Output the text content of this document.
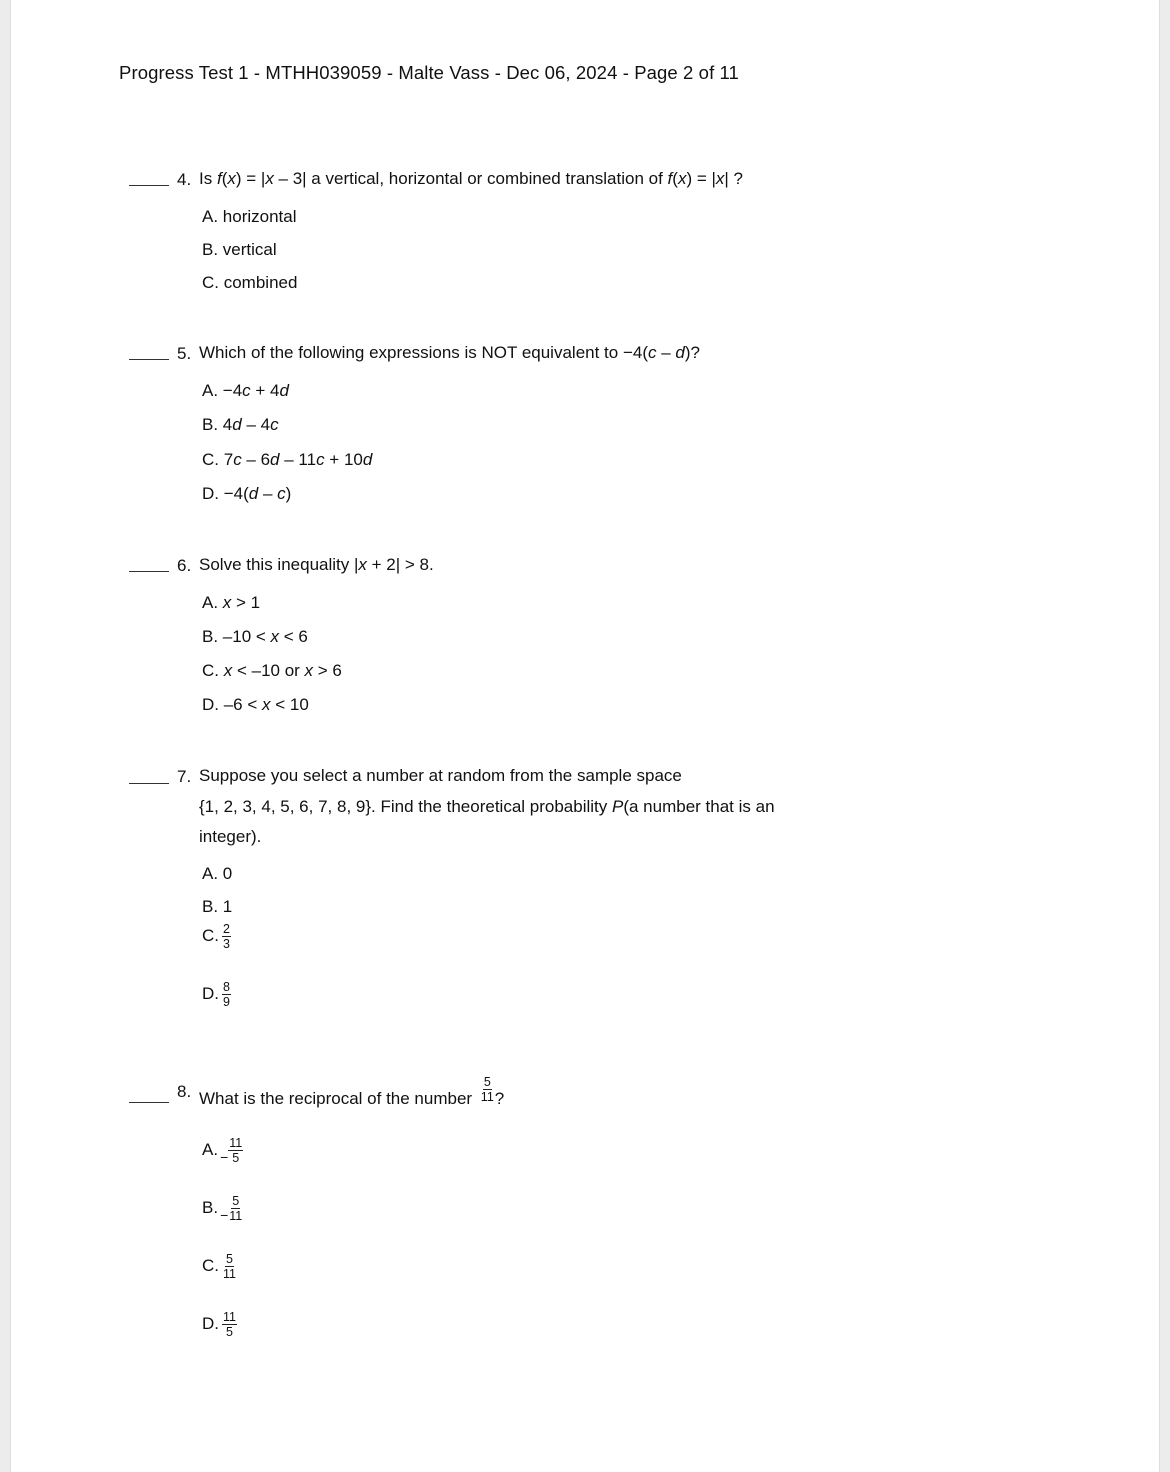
Progress Test 1 - MTHH039059 - Malte Vass - Dec 06, 2024 - Page 2 of 11
4. Is f(x) = |x – 3| a vertical, horizontal or combined translation of f(x) = |x| ?
A. horizontal
B. vertical
C. combined
5. Which of the following expressions is NOT equivalent to −4(c – d)?
A. −4c + 4d
B. 4d – 4c
C. 7c – 6d – 11c + 10d
D. −4(d – c)
6. Solve this inequality |x + 2| > 8.
A. x > 1
B. –10 < x < 6
C. x < –10 or x > 6
D. –6 < x < 10
7. Suppose you select a number at random from the sample space
{1, 2, 3, 4, 5, 6, 7, 8, 9}. Find the theoretical probability P(a number that is an
integer).
A. 0
B. 1
C. $\frac{2}{3}$
D. $\frac{8}{9}$
8. What is the reciprocal of the number $\frac{5}{11}$ ?
A. − $\frac{11}{5}$
B. − $\frac{5}{11}$
C. $\frac{5}{11}$
D. $\frac{11}{5}$
